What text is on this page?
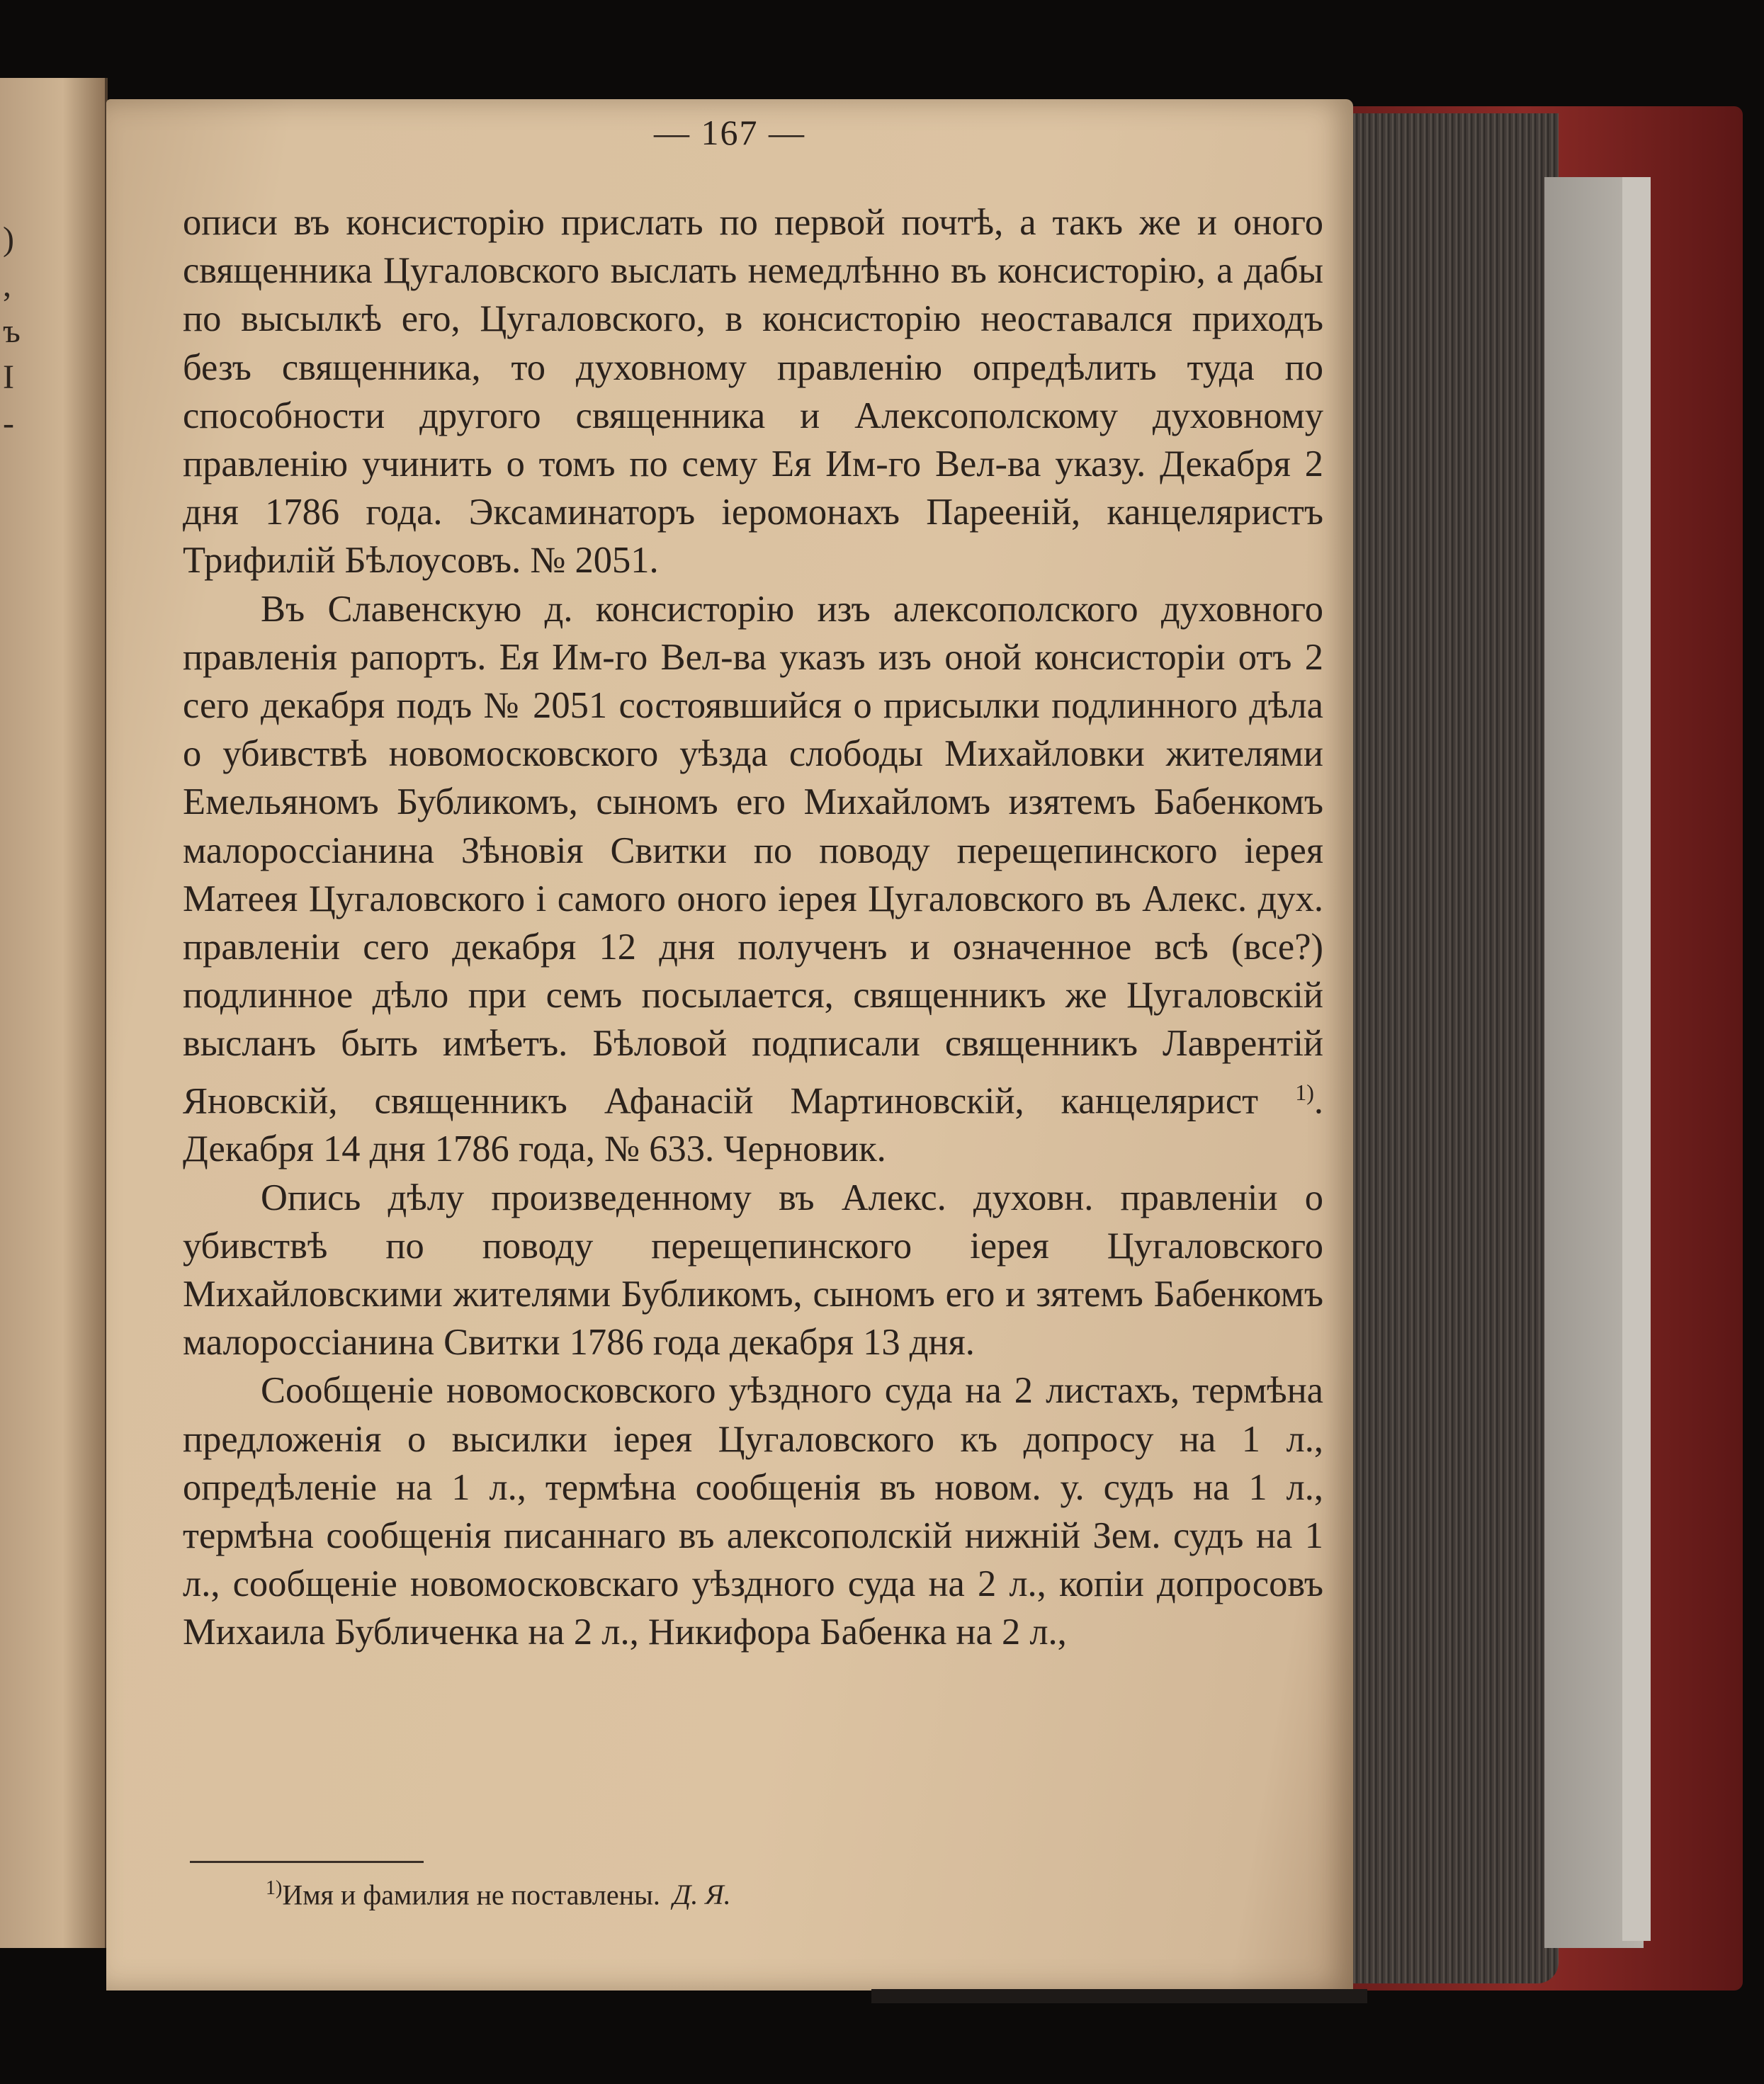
)
,
ъ
I
-
— 167 —

описи въ консисторiю прислать по первой почтѣ, а такъ же и оного священника Цугаловского выслать немедлѣнно въ консисторiю, а дабы по высылкѣ его, Цугаловского, в консисторiю неоставался приходъ безъ священника, то духовному правленiю опредѣлить туда по способности другого священника и Алексополскому духовному правленiю учинить о томъ по сему Ея Им-го Вел-ва указу. Декабря 2 дня 1786 года. Эксаминаторъ iеромонахъ Пареенiй, канцеляристъ Трифилiй Бѣлоусовъ. № 2051.

Въ Славенскую д. консисторiю изъ алексополского духовного правленiя рапортъ. Ея Им-го Вел-ва указъ изъ оной консисторiи отъ 2 сего декабря подъ № 2051 состоявшийся о присылки подлинного дѣла о убивствѣ новомосковского уѣзда слободы Михайловки жителями Емельяномъ Бубликомъ, сыномъ его Михайломъ изятемъ Бабенкомъ малороссiанина Зѣновiя Свитки по поводу перещепинского iерея Матеея Цугаловского i самого оного iерея Цугаловского въ Алекс. дух. правленiи сего декабря 12 дня полученъ и означенное всѣ (все?) подлинное дѣло при семъ посылается, священникъ же Цугаловскiй высланъ быть имѣетъ. Бѣловой подписали священникъ Лаврентiй Яновскiй, священникъ Афанасiй Мартиновскiй, канцелярист $^{1)}$. Декабря 14 дня 1786 года, № 633. Черновик.

Опись дѣлу произведенному въ Алекс. духовн. правленiи о убивствѣ по поводу перещепинского iерея Цугаловского Михайловскими жителями Бубликомъ, сыномъ его и зятемъ Бабенкомъ малороссiанина Свитки 1786 года декабря 13 дня.

Сообщенiе новомосковского уѣздного суда на 2 листахъ, термѣна предложенiя о высилки iерея Цугаловского къ допросу на 1 л., опредѣленiе на 1 л., термѣна сообщенiя въ новом. у. судъ на 1 л., термѣна сообщенiя писаннаго въ алексополскiй нижнiй Зем. судъ на 1 л., сообщенiе новомосковскаго уѣздного суда на 2 л., копiи допросовъ Михаила Бубличенка на 2 л., Никифора Бабенка на 2 л.,

$^{1)}$Имя и фамилия не поставлены. Д. Я.
